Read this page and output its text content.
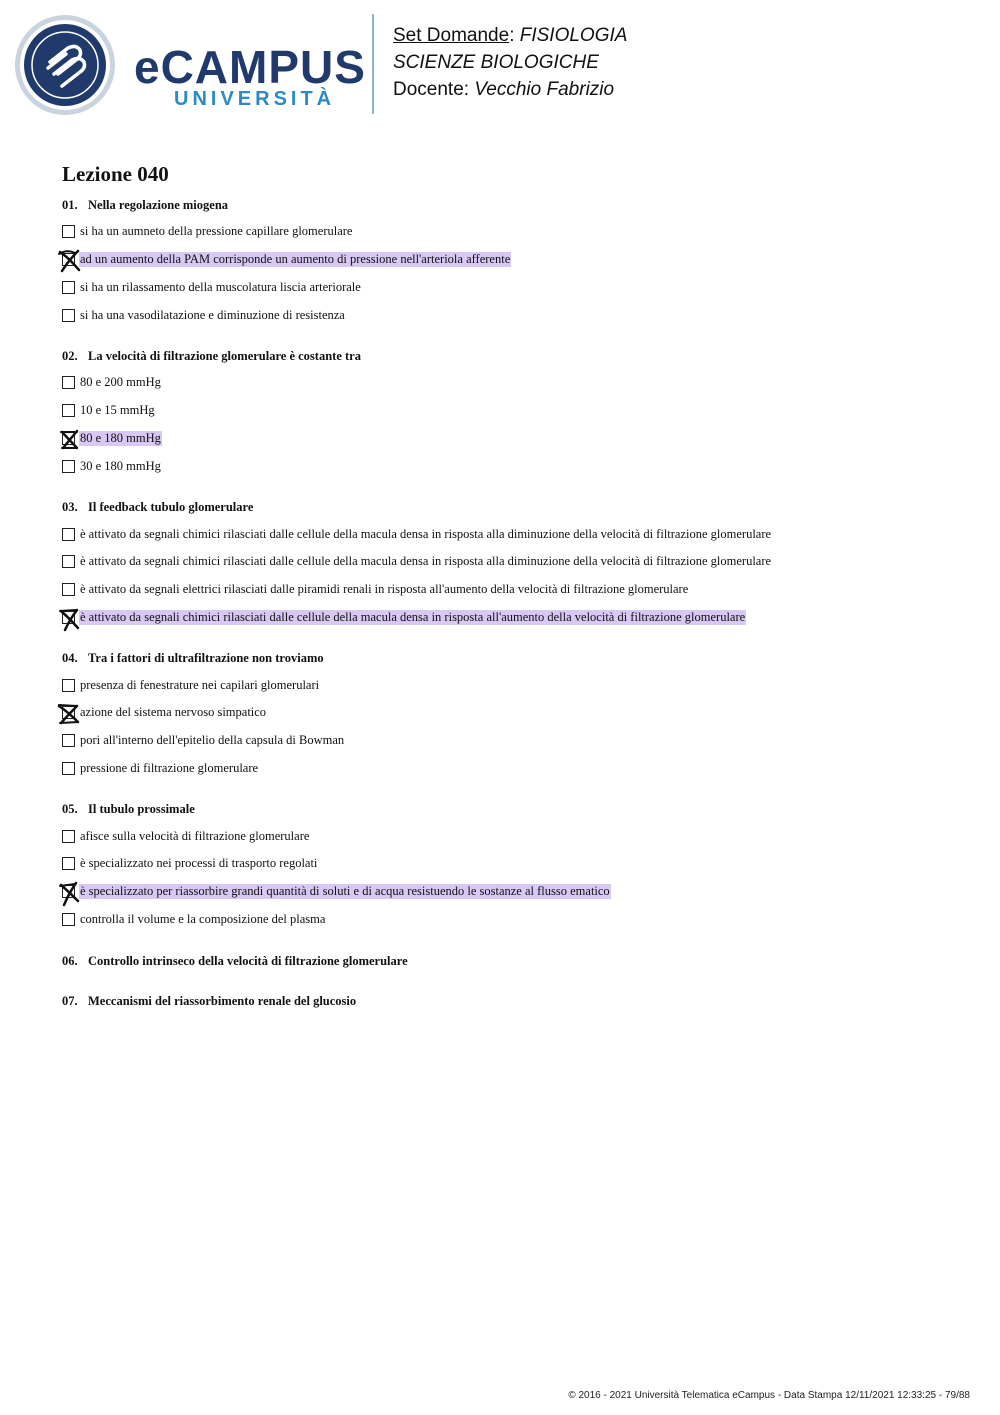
eCAMPUS
UNIVERSITÀ
Set Domande: FISIOLOGIA
SCIENZE BIOLOGICHE
Docente: Vecchio Fabrizio
Lezione 040
01. Nella regolazione miogena
si ha un aumneto della pressione capillare glomerulare
ad un aumento della PAM corrisponde un aumento di pressione nell'arteriola afferente
si ha un rilassamento della muscolatura liscia arteriorale
si ha una vasodilatazione e diminuzione di resistenza
02. La velocità di filtrazione glomerulare è costante tra
80 e 200 mmHg
10 e 15 mmHg
80 e 180 mmHg
30 e 180 mmHg
03. Il feedback tubulo glomerulare
è attivato da segnali chimici rilasciati dalle cellule della macula densa in risposta alla diminuzione della velocità di filtrazione glomerulare
è attivato da segnali chimici rilasciati dalle cellule della macula densa in risposta alla diminuzione della velocità di filtrazione glomerulare
è attivato da segnali elettrici rilasciati dalle piramidi renali in risposta all'aumento della velocità di filtrazione glomerulare
è attivato da segnali chimici rilasciati dalle cellule della macula densa in risposta all'aumento della velocità di filtrazione glomerulare
04. Tra i fattori di ultrafiltrazione non troviamo
presenza di fenestrature nei capilari glomerulari
azione del sistema nervoso simpatico
pori all'interno dell'epitelio della capsula di Bowman
pressione di filtrazione glomerulare
05. Il tubulo prossimale
afisce sulla velocità di filtrazione glomerulare
è specializzato nei processi di trasporto regolati
è specializzato per riassorbire grandi quantità di soluti e di acqua resistuendo le sostanze al flusso ematico
controlla il volume e la composizione del plasma
06. Controllo intrinseco della velocità di filtrazione glomerulare
07. Meccanismi del riassorbimento renale del glucosio
© 2016 - 2021 Università Telematica eCampus - Data Stampa 12/11/2021 12:33:25 - 79/88
